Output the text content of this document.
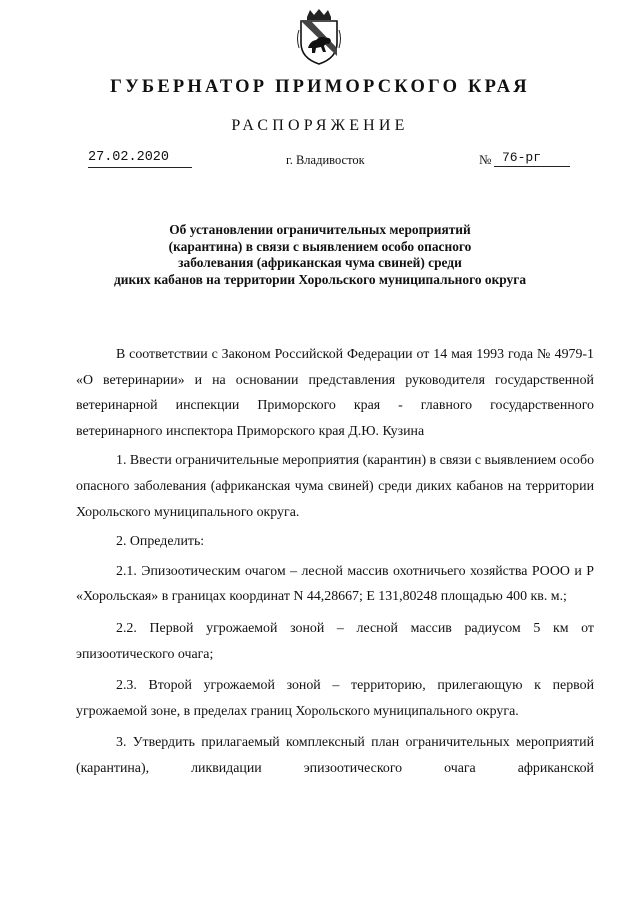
ГУБЕРНАТОР ПРИМОРСКОГО КРАЯ
РАСПОРЯЖЕНИЕ
27.02.2020	г. Владивосток	№ 76-рг
Об установлении ограничительных мероприятий
(карантина) в связи с выявлением особо опасного
заболевания (африканская чума свиней) среди
диких кабанов на территории Хорольского муниципального округа

В соответствии с Законом Российской Федерации от 14 мая 1993 года № 4979-1 «О ветеринарии» и на основании представления руководителя государственной ветеринарной инспекции Приморского края - главного государственного ветеринарного инспектора Приморского края Д.Ю. Кузина

1. Ввести ограничительные мероприятия (карантин) в связи с выявлением особо опасного заболевания (африканская чума свиней) среди диких кабанов на территории Хорольского муниципального округа.

2. Определить:

2.1. Эпизоотическим очагом – лесной массив охотничьего хозяйства РООО и Р «Хорольская» в границах координат N 44,28667; E 131,80248 площадью 400 кв. м.;

2.2. Первой угрожаемой зоной – лесной массив радиусом 5 км от эпизоотического очага;

2.3. Второй угрожаемой зоной – территорию, прилегающую к первой угрожаемой зоне, в пределах границ Хорольского муниципального округа.

3. Утвердить прилагаемый комплексный план ограничительных мероприятий (карантина), ликвидации эпизоотического очага африканской
